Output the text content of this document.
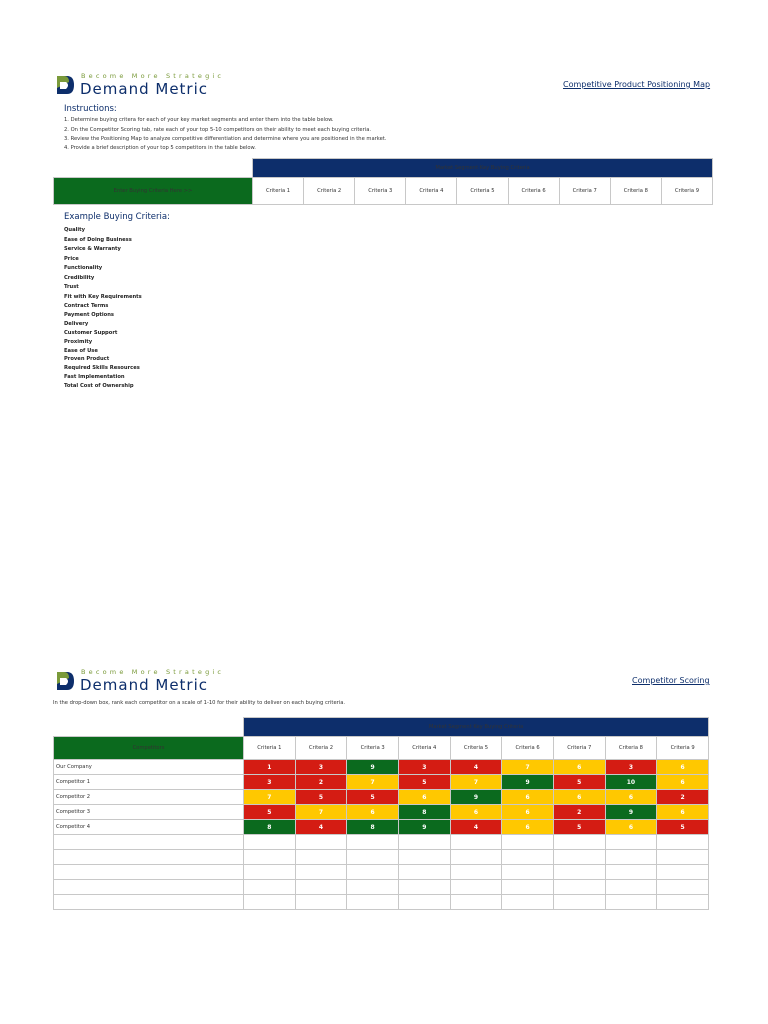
Become More Strategic
Demand Metric	Competitive Product Positioning Map
Instructions:
1. Determine buying critera for each of your key market segments and enter them into the table below.
2. On the Competitor Scoring tab, rate each of your top 5-10 competitors on their ability to meet each buying criteria.
3. Review the Positioning Map to analyze competitive differentiation and determine where you are positioned in the market.
4. Provide a brief description of your top 5 competitors in the table below.
	Market Segment Key Buying Criteria								
Enter Buying Criteria Here >>	Criteria 1	Criteria 2	Criteria 3	Criteria 4	Criteria 5	Criteria 6	Criteria 7	Criteria 8	Criteria 9
Example Buying Criteria:
Quality
Ease of Doing Business
Service & Warranty
Price
Functionality
Credibility
Trust
Fit with Key Requirements
Contract Terms
Payment Options
Delivery
Customer Support
Proximity
Ease of Use
Proven Product
Required Skills Resources
Fast Implementation
Total Cost of Ownership
Become More Strategic
Demand Metric	Competitor Scoring
In the drop-down box, rank each competitor on a scale of 1-10 for their ability to deliver on each buying criteria.
	Market Segment Key Buying Criteria								
Competitors	Criteria 1	Criteria 2	Criteria 3	Criteria 4	Criteria 5	Criteria 6	Criteria 7	Criteria 8	Criteria 9
Our Company	1	3	9	3	4	7	6	3	6
Competitor 1	3	2	7	5	7	9	5	10	6
Competitor 2	7	5	5	6	9	6	6	6	2
Competitor 3	5	7	6	8	6	6	2	9	6
Competitor 4	8	4	8	9	4	6	5	6	5
